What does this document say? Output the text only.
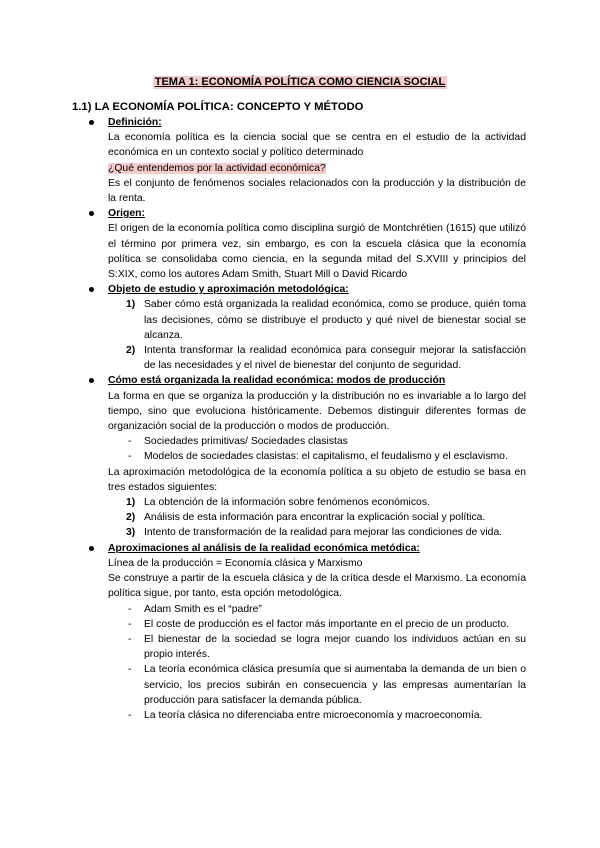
TEMA 1: ECONOMÍA POLÍTICA COMO CIENCIA SOCIAL
1.1) LA ECONOMÍA POLÍTICA: CONCEPTO Y MÉTODO
Definición:
La economía política es la ciencia social que se centra en el estudio de la actividad económica en un contexto social y político determinado
¿Qué entendemos por la actividad económica?
Es el conjunto de fenómenos sociales relacionados con la producción y la distribución de la renta.
Origen:
El origen de la economía política como disciplina surgió de Montchrétien (1615) que utilizó el término por primera vez, sin embargo, es con la escuela clásica que la economía política se consolidaba como ciencia, en la segunda mitad del S.XVIII y principios del S:XIX, como los autores Adam Smith, Stuart Mill o David Ricardo
Objeto de estudio y aproximación metodológica:
1) Saber cómo está organizada la realidad económica, como se produce, quién toma las decisiones, cómo se distribuye el producto y qué nivel de bienestar social se alcanza.
2) Intenta transformar la realidad económica para conseguir mejorar la satisfacción de las necesidades y el nivel de bienestar del conjunto de seguridad.
Cómo está organizada la realidad económica: modos de producción
La forma en que se organiza la producción y la distribución no es invariable a lo largo del tiempo, sino que evoluciona históricamente. Debemos distinguir diferentes formas de organización social de la producción o modos de producción.
- Sociedades primitivas/ Sociedades clasistas
- Modelos de sociedades clasistas: el capitalismo, el feudalismo y el esclavismo.
La aproximación metodológica de la economía política a su objeto de estudio se basa en tres estados siguientes:
1) La obtención de la información sobre fenómenos económicos.
2) Análisis de esta información para encontrar la explicación social y política.
3) Intento de transformación de la realidad para mejorar las condiciones de vida.
Aproximaciones al análisis de la realidad económica metódica:
Línea de la producción = Economía clásica y Marxismo
Se construye a partir de la escuela clásica y de la crítica desde el Marxismo. La economía política sigue, por tanto, esta opción metodológica.
- Adam Smith es el “padre”
- El coste de producción es el factor más importante en el precio de un producto.
- El bienestar de la sociedad se logra mejor cuando los individuos actúan en su propio interés.
- La teoría económica clásica presumía que si aumentaba la demanda de un bien o servicio, los precios subirán en consecuencia y las empresas aumentarían la producción para satisfacer la demanda pública.
- La teoría clásica no diferenciaba entre microeconomía y macroeconomía.
